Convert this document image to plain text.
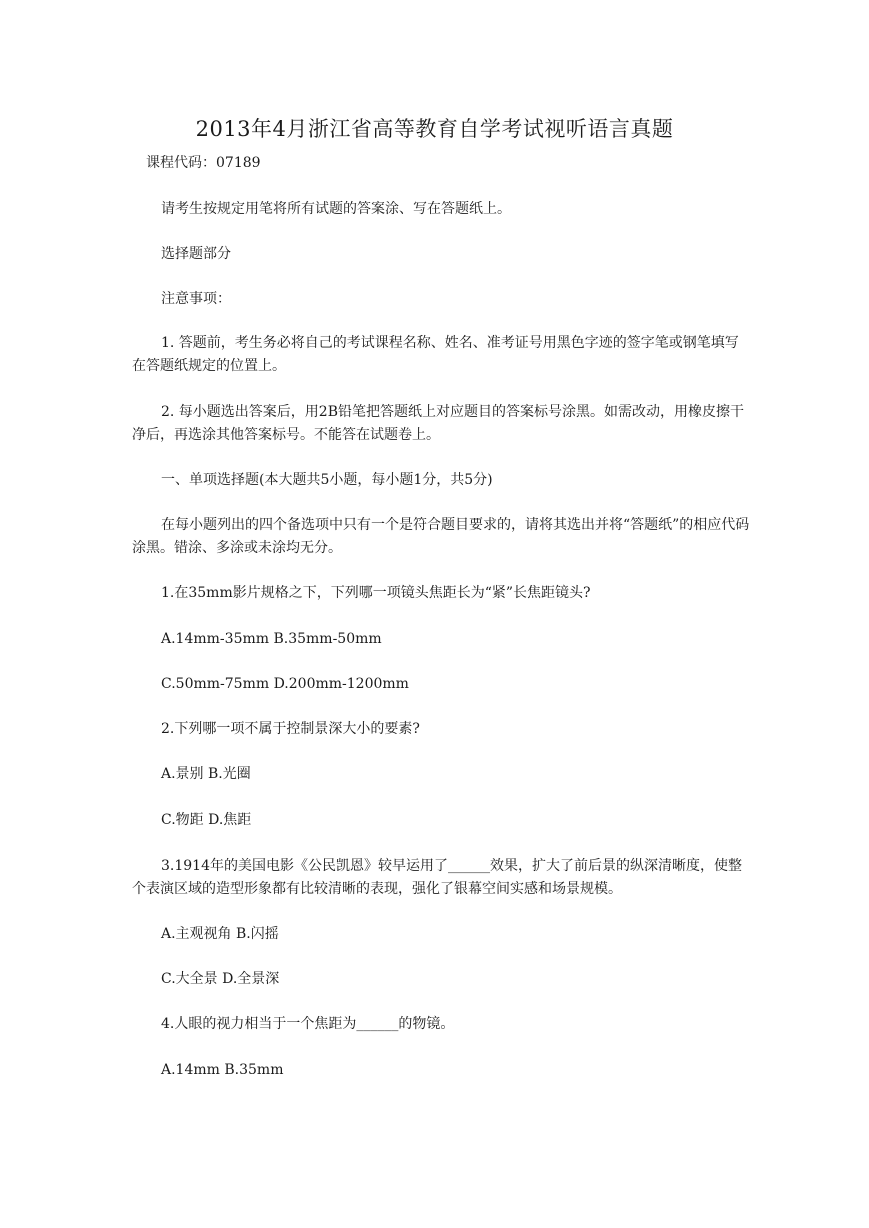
2013年4月浙江省高等教育自学考试视听语言真题

课程代码：07189

请考生按规定用笔将所有试题的答案涂、写在答题纸上。

选择题部分

注意事项：

1. 答题前，考生务必将自己的考试课程名称、姓名、准考证号用黑色字迹的签字笔或钢笔填写在答题纸规定的位置上。

2. 每小题选出答案后，用2B铅笔把答题纸上对应题目的答案标号涂黑。如需改动，用橡皮擦干净后，再选涂其他答案标号。不能答在试题卷上。

一、单项选择题(本大题共5小题，每小题1分，共5分)

在每小题列出的四个备选项中只有一个是符合题目要求的，请将其选出并将“答题纸”的相应代码涂黑。错涂、多涂或未涂均无分。

1.在35mm影片规格之下，下列哪一项镜头焦距长为“紧”长焦距镜头?

A.14mm-35mm B.35mm-50mm

C.50mm-75mm D.200mm-1200mm

2.下列哪一项不属于控制景深大小的要素?

A.景别 B.光圈

C.物距 D.焦距

3.1914年的美国电影《公民凯恩》较早运用了______效果，扩大了前后景的纵深清晰度，使整个表演区域的造型形象都有比较清晰的表现，强化了银幕空间实感和场景规模。

A.主观视角 B.闪摇

C.大全景 D.全景深

4.人眼的视力相当于一个焦距为______的物镜。

A.14mm B.35mm
